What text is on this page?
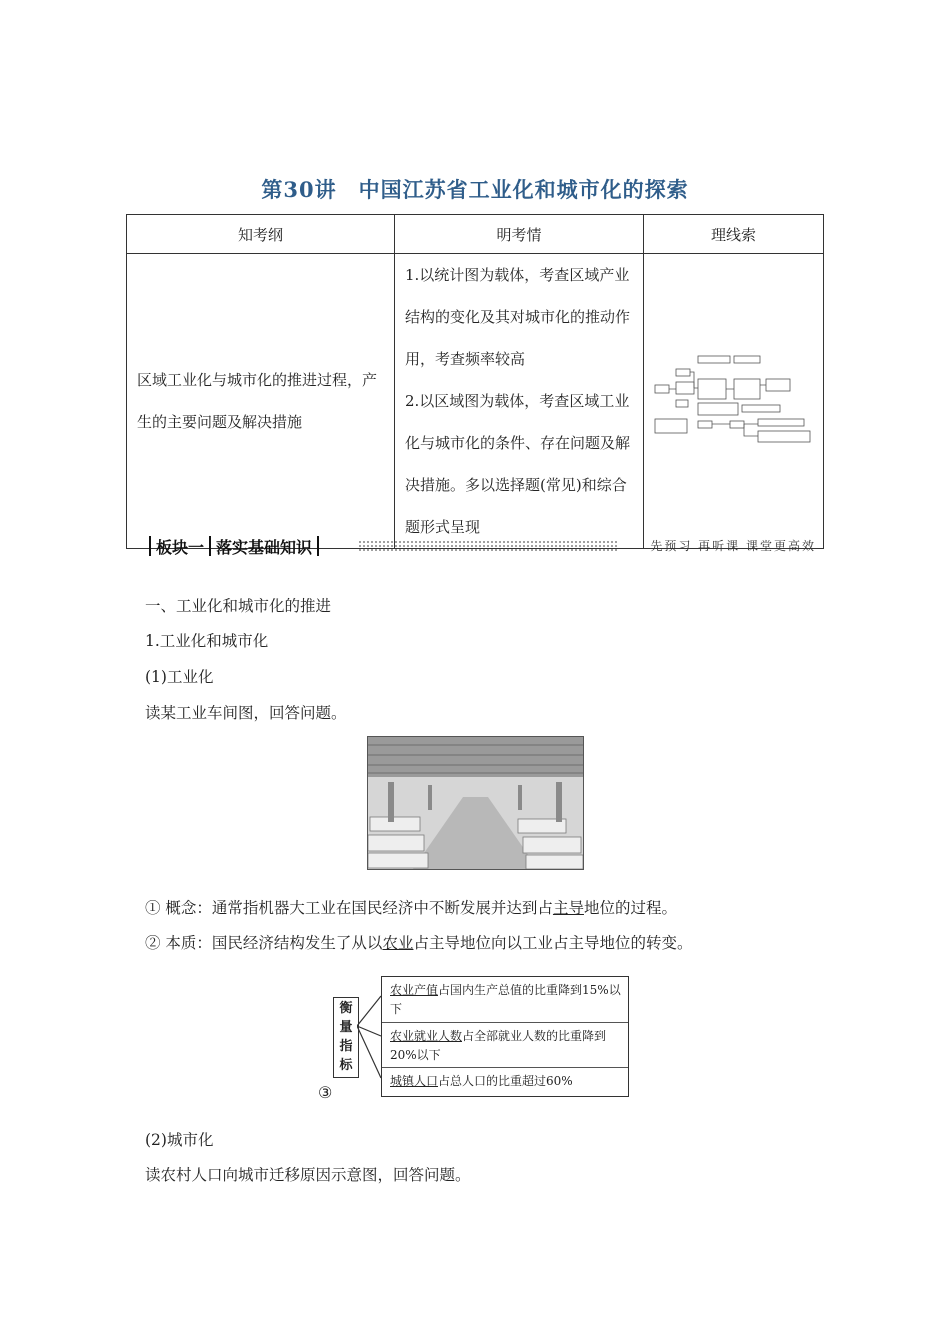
第30讲 中国江苏省工业化和城市化的探索
知考纲	明考情	理线索
区域工业化与城市化的推进过程，产生的主要问题及解决措施	1.以统计图为载体，考查区域产业结构的变化及其对城市化的推动作用，考查频率较高
2.以区域图为载体，考查区域工业化与城市化的条件、存在问题及解决措施。多以选择题(常见)和综合题形式呈现

板块一 落实基础知识	先预习 再听课 课堂更高效
一、工业化和城市化的推进
1.工业化和城市化
(1)工业化
读某工业车间图，回答问题。
① 概念：通常指机器大工业在国民经济中不断发展并达到占主导地位的过程。
② 本质：国民经济结构发生了从以农业占主导地位向以工业占主导地位的转变。
衡量指标
农业产值占国内生产总值的比重降到15%以下
农业就业人数占全部就业人数的比重降到20%以下
城镇人口占总人口的比重超过60%
③
(2)城市化
读农村人口向城市迁移原因示意图，回答问题。
